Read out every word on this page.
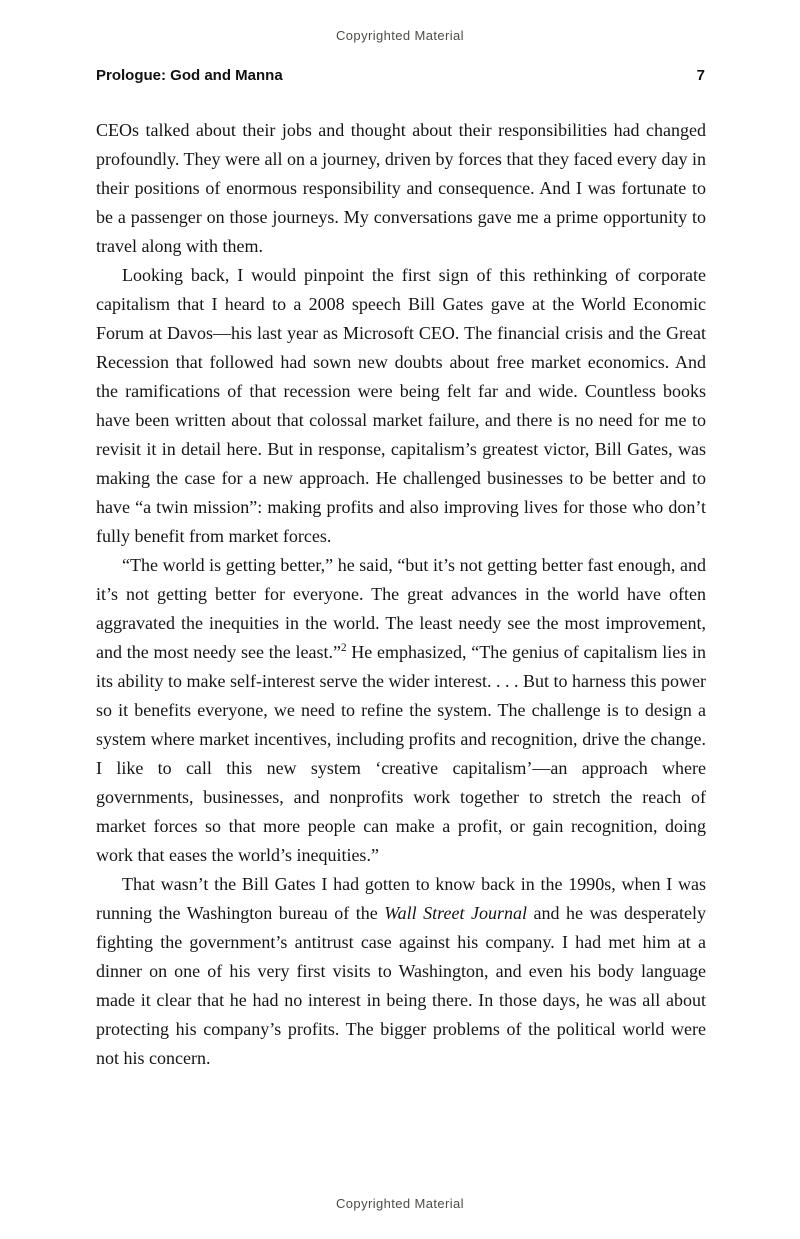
Copyrighted Material
Prologue: God and Manna	7

CEOs talked about their jobs and thought about their responsibilities had changed profoundly. They were all on a journey, driven by forces that they faced every day in their positions of enormous responsibility and consequence. And I was fortunate to be a passenger on those journeys. My conversations gave me a prime opportunity to travel along with them.

Looking back, I would pinpoint the first sign of this rethinking of corporate capitalism that I heard to a 2008 speech Bill Gates gave at the World Economic Forum at Davos—his last year as Microsoft CEO. The financial crisis and the Great Recession that followed had sown new doubts about free market economics. And the ramifications of that recession were being felt far and wide. Countless books have been written about that colossal market failure, and there is no need for me to revisit it in detail here. But in response, capitalism’s greatest victor, Bill Gates, was making the case for a new approach. He challenged businesses to be better and to have “a twin mission”: making profits and also improving lives for those who don’t fully benefit from market forces.

“The world is getting better,” he said, “but it’s not getting better fast enough, and it’s not getting better for everyone. The great advances in the world have often aggravated the inequities in the world. The least needy see the most improvement, and the most needy see the least.”$^2$ He emphasized, “The genius of capitalism lies in its ability to make self-interest serve the wider interest. . . . But to harness this power so it benefits everyone, we need to refine the system. The challenge is to design a system where market incentives, including profits and recognition, drive the change. I like to call this new system ‘creative capitalism’—an approach where governments, businesses, and nonprofits work together to stretch the reach of market forces so that more people can make a profit, or gain recognition, doing work that eases the world’s inequities.”

That wasn’t the Bill Gates I had gotten to know back in the 1990s, when I was running the Washington bureau of the Wall Street Journal and he was desperately fighting the government’s antitrust case against his company. I had met him at a dinner on one of his very first visits to Washington, and even his body language made it clear that he had no interest in being there. In those days, he was all about protecting his company’s profits. The bigger problems of the political world were not his concern.

Copyrighted Material
